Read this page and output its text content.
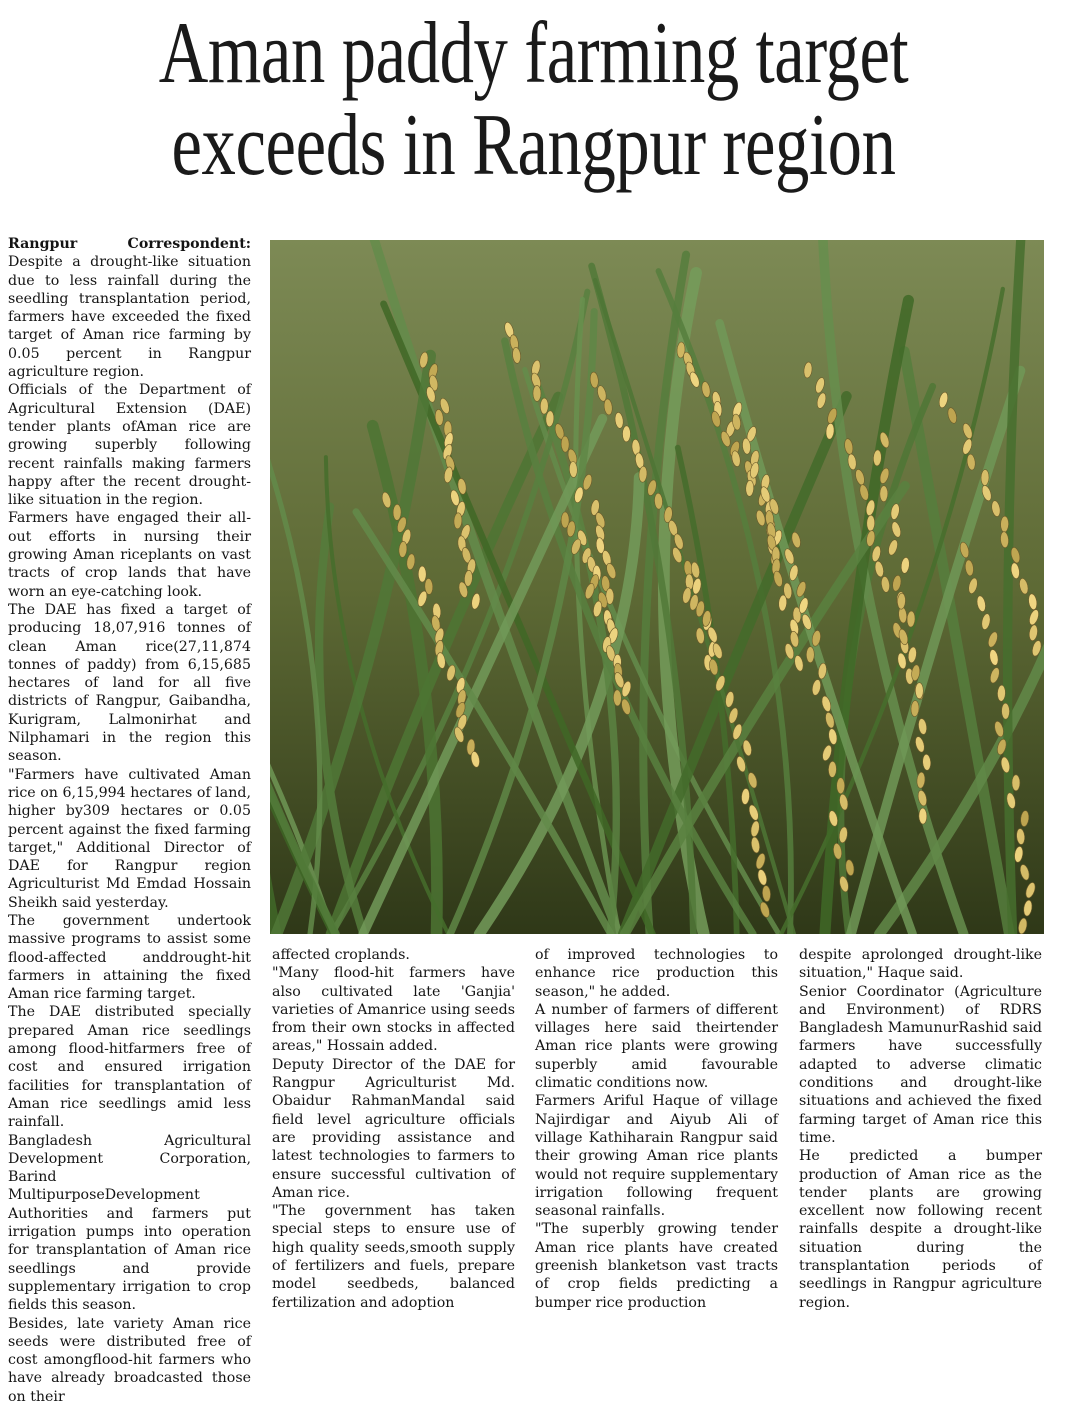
Aman paddy farming target
exceeds in Rangpur region

Rangpur Correspondent: Despite a drought-like situation due to less rainfall during the seedling transplantation period, farmers have exceeded the fixed target of Aman rice farming by 0.05 percent in Rangpur agriculture region.

Officials of the Department of Agricultural Extension (DAE) tender plants ofAman rice are growing superbly following recent rainfalls making farmers happy after the recent drought-like situation in the region.

Farmers have engaged their all-out efforts in nursing their growing Aman riceplants on vast tracts of crop lands that have worn an eye-catching look.

The DAE has fixed a target of producing 18,07,916 tonnes of clean Aman rice(27,11,874 tonnes of paddy) from 6,15,685 hectares of land for all five districts of Rangpur, Gaibandha, Kurigram, Lalmonirhat and Nilphamari in the region this season.

"Farmers have cultivated Aman rice on 6,15,994 hectares of land, higher by309 hectares or 0.05 percent against the fixed farming target," Additional Director of DAE for Rangpur region Agriculturist Md Emdad Hossain Sheikh said yesterday.

The government undertook massive programs to assist some flood-affected anddrought-hit farmers in attaining the fixed Aman rice farming target.

The DAE distributed specially prepared Aman rice seedlings among flood-hitfarmers free of cost and ensured irrigation facilities for transplantation of Aman rice seedlings amid less rainfall.

Bangladesh Agricultural Development Corporation, Barind MultipurposeDevelopment Authorities and farmers put irrigation pumps into operation for transplantation of Aman rice seedlings and provide supplementary irrigation to crop fields this season.

Besides, late variety Aman rice seeds were distributed free of cost amongflood-hit farmers who have already broadcasted those on their

affected croplands.

"Many flood-hit farmers have also cultivated late 'Ganjia' varieties of Amanrice using seeds from their own stocks in affected areas," Hossain added.

Deputy Director of the DAE for Rangpur Agriculturist Md. Obaidur RahmanMandal said field level agriculture officials are providing assistance and latest technologies to farmers to ensure successful cultivation of Aman rice.

"The government has taken special steps to ensure use of high quality seeds,smooth supply of fertilizers and fuels, prepare model seedbeds, balanced fertilization and adoption

of improved technologies to enhance rice production this season," he added.

A number of farmers of different villages here said theirtender Aman rice plants were growing superbly amid favourable climatic conditions now.

Farmers Ariful Haque of village Najirdigar and Aiyub Ali of village Kathiharain Rangpur said their growing Aman rice plants would not require supplementary irrigation following frequent seasonal rainfalls.

"The superbly growing tender Aman rice plants have created greenish blanketson vast tracts of crop fields predicting a bumper rice production

despite aprolonged drought-like situation," Haque said.

Senior Coordinator (Agriculture and Environment) of RDRS Bangladesh MamunurRashid said farmers have successfully adapted to adverse climatic conditions and drought-like situations and achieved the fixed farming target of Aman rice this time.

He predicted a bumper production of Aman rice as the tender plants are growing excellent now following recent rainfalls despite a drought-like situation during the transplantation periods of seedlings in Rangpur agriculture region.
